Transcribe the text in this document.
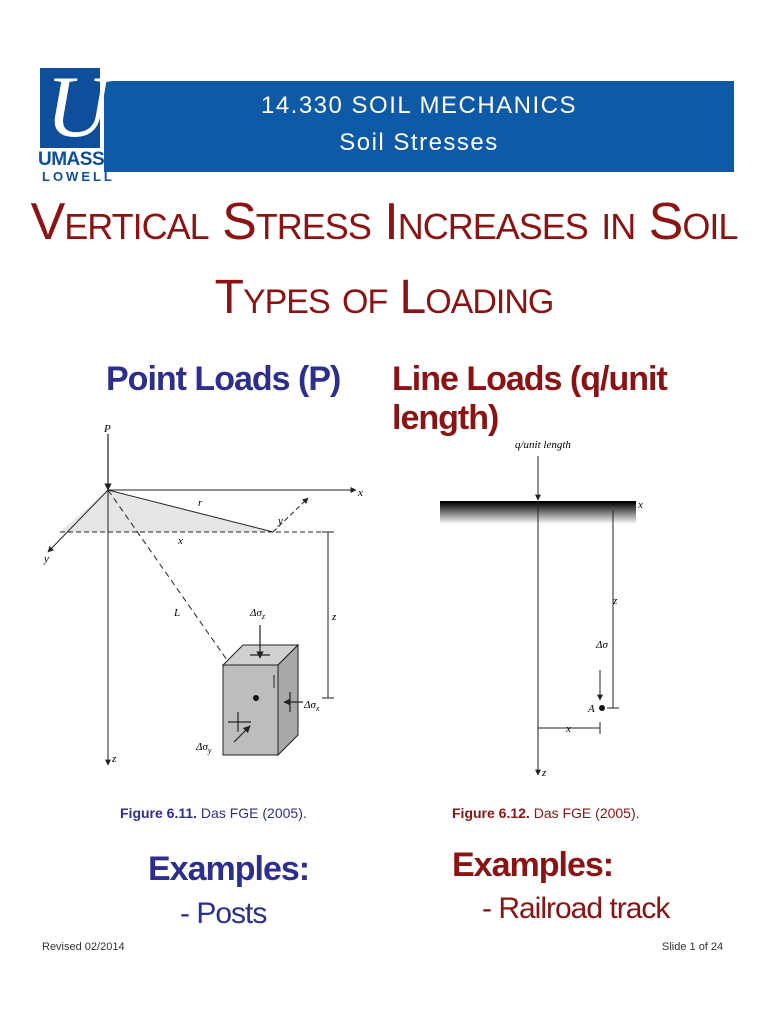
14.330 SOIL MECHANICS
Soil Stresses
U
UMASS
LOWELL
Vertical Stress Increases in Soil
Types of Loading
Point Loads (P) Line Loads (q/unit length)
P
x
y
z
r
x
y
L	z
$\Delta\sigma_z$
$\Delta\sigma_x$
$\Delta\sigma_y$
q/unit length
x
z
Δσ
A
x
z
Figure 6.11. Das FGE (2005).	Figure 6.12. Das FGE (2005).
Examples:
- Posts
Examples:
- Railroad track
Revised 02/2014	Slide 1 of 24
